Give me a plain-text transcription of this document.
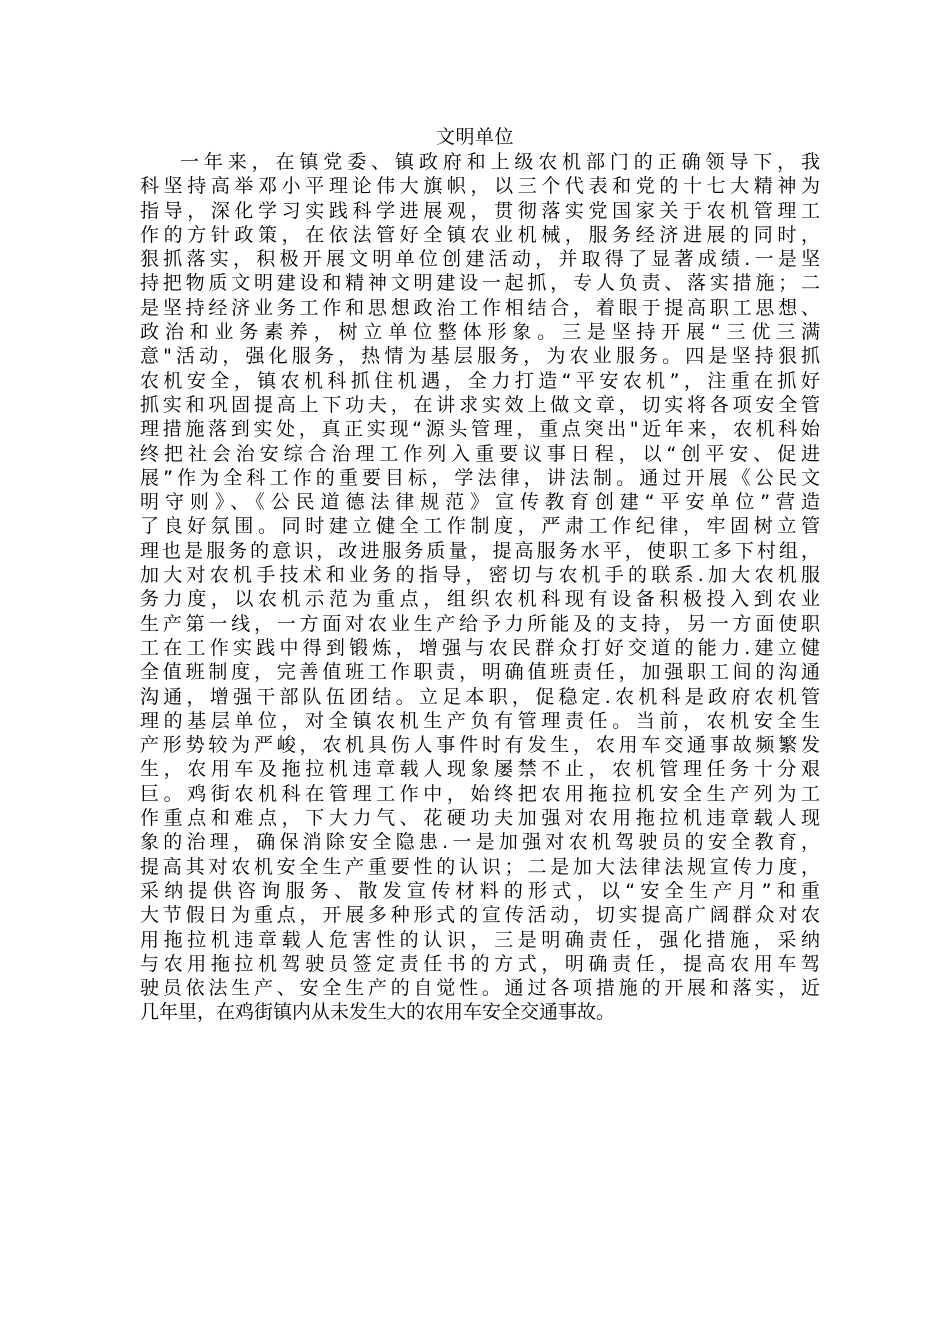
文明单位
一年来，在镇党委、镇政府和上级农机部门的正确领导下，我
科坚持高举邓小平理论伟大旗帜，以三个代表和党的十七大精神为
指导，深化学习实践科学进展观，贯彻落实党国家关于农机管理工
作的方针政策，在依法管好全镇农业机械，服务经济进展的同时，
狠抓落实，积极开展文明单位创建活动，并取得了显著成绩.一是坚
持把物质文明建设和精神文明建设一起抓，专人负责、落实措施；二
是坚持经济业务工作和思想政治工作相结合，着眼于提高职工思想、
政治和业务素养，树立单位整体形象。三是坚持开展“三优三满
意"活动，强化服务，热情为基层服务，为农业服务。四是坚持狠抓
农机安全，镇农机科抓住机遇，全力打造“平安农机”，注重在抓好
抓实和巩固提高上下功夫，在讲求实效上做文章，切实将各项安全管
理措施落到实处，真正实现“源头管理，重点突出"近年来，农机科始
终把社会治安综合治理工作列入重要议事日程，以“创平安、促进
展”作为全科工作的重要目标，学法律，讲法制。通过开展《公民文
明守则》、《公民道德法律规范》宣传教育创建“平安单位”营造
了良好氛围。同时建立健全工作制度，严肃工作纪律，牢固树立管
理也是服务的意识，改进服务质量，提高服务水平，使职工多下村组，
加大对农机手技术和业务的指导，密切与农机手的联系.加大农机服
务力度，以农机示范为重点，组织农机科现有设备积极投入到农业
生产第一线，一方面对农业生产给予力所能及的支持，另一方面使职
工在工作实践中得到锻炼，增强与农民群众打好交道的能力.建立健
全值班制度，完善值班工作职责，明确值班责任，加强职工间的沟通
沟通，增强干部队伍团结。立足本职，促稳定.农机科是政府农机管
理的基层单位，对全镇农机生产负有管理责任。当前，农机安全生
产形势较为严峻，农机具伤人事件时有发生，农用车交通事故频繁发
生，农用车及拖拉机违章载人现象屡禁不止，农机管理任务十分艰
巨。鸡街农机科在管理工作中，始终把农用拖拉机安全生产列为工
作重点和难点，下大力气、花硬功夫加强对农用拖拉机违章载人现
象的治理，确保消除安全隐患.一是加强对农机驾驶员的安全教育，
提高其对农机安全生产重要性的认识；二是加大法律法规宣传力度，
采纳提供咨询服务、散发宣传材料的形式，以“安全生产月”和重
大节假日为重点，开展多种形式的宣传活动，切实提高广阔群众对农
用拖拉机违章载人危害性的认识，三是明确责任，强化措施，采纳
与农用拖拉机驾驶员签定责任书的方式，明确责任，提高农用车驾
驶员依法生产、安全生产的自觉性。通过各项措施的开展和落实，近
几年里，在鸡街镇内从未发生大的农用车安全交通事故。
